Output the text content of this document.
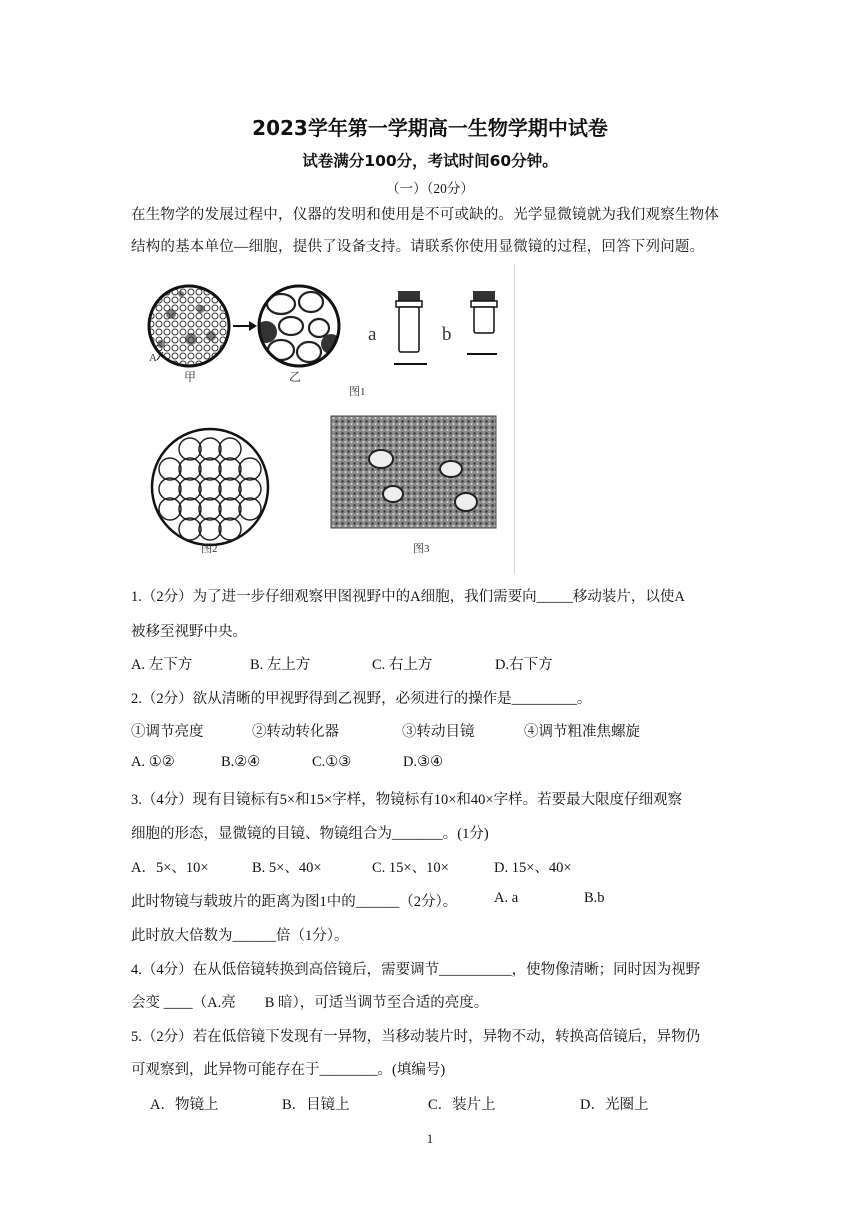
2023学年第一学期高一生物学期中试卷
试卷满分100分，考试时间60分钟。
（一）（20分）
在生物学的发展过程中，仪器的发明和使用是不可或缺的。光学显微镜就为我们观察生物体
结构的基本单位—细胞，提供了设备支持。请联系你使用显微镜的过程，回答下列问题。
A
甲	乙
a	b
图1
图2	图3
1.（2分）为了进一步仔细观察甲图视野中的A细胞，我们需要向_____移动装片，以使A
被移至视野中央。
A. 左下方	B. 左上方	C. 右上方	D.右下方
2.（2分）欲从清晰的甲视野得到乙视野，必须进行的操作是_________。
①调节亮度	②转动转化器	③转动目镜	④调节粗准焦螺旋
A. ①②	B.②④	C.①③	D.③④
3.（4分）现有目镜标有5×和15×字样，物镜标有10×和40×字样。若要最大限度仔细观察
细胞的形态，显微镜的目镜、物镜组合为_______。(1分)
A．5×、10×	B. 5×、40×	C. 15×、10×	D. 15×、40×
此时物镜与载玻片的距离为图1中的______（2分）。	A. a	B.b
此时放大倍数为______倍（1分）。
4.（4分）在从低倍镜转换到高倍镜后，需要调节__________，使物像清晰；同时因为视野
会变 ____（A.亮　　B 暗），可适当调节至合适的亮度。
5.（2分）若在低倍镜下发现有一异物，当移动装片时，异物不动，转换高倍镜后，异物仍
可观察到，此异物可能存在于________。(填编号)
A．物镜上	B．目镜上	C．装片上	D．光圈上
1
